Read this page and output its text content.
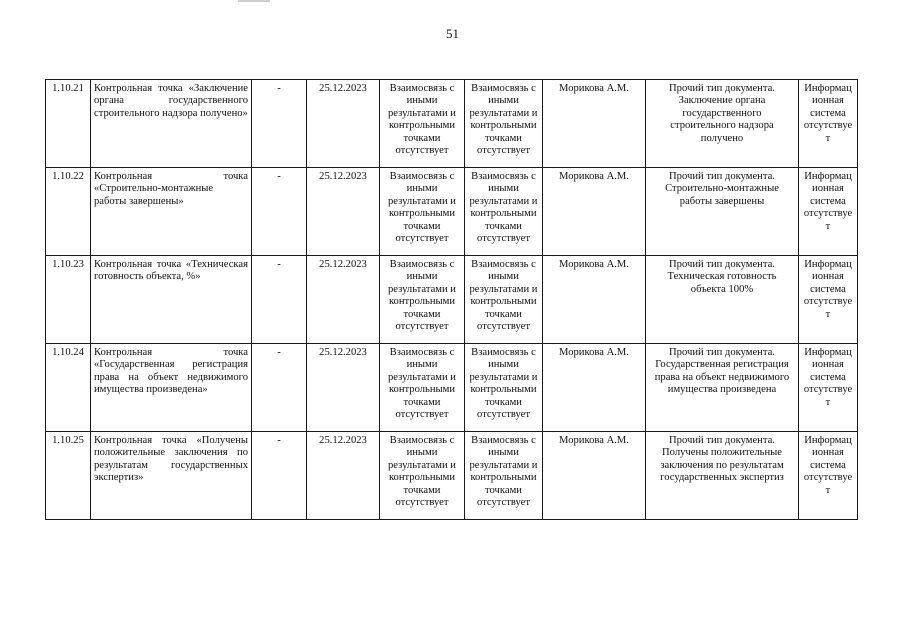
51
1.10.21	Контрольная точка «Заключение органа государственного строительного надзора получено»	-	25.12.2023	Взаимосвязь с иными результатами и контрольными точками отсутствует	Взаимосвязь с иными результатами и контрольными точками отсутствует	Морикова А.М.	Прочий тип документа. Заключение органа государственного строительного надзора получено	Информационная система отсутствует
1.10.22	Контрольная точка «Строительно-монтажные работы завершены»	-	25.12.2023	Взаимосвязь с иными результатами и контрольными точками отсутствует	Взаимосвязь с иными результатами и контрольными точками отсутствует	Морикова А.М.	Прочий тип документа. Строительно-монтажные работы завершены	Информационная система отсутствует
1.10.23	Контрольная точка «Техническая готовность объекта, %»	-	25.12.2023	Взаимосвязь с иными результатами и контрольными точками отсутствует	Взаимосвязь с иными результатами и контрольными точками отсутствует	Морикова А.М.	Прочий тип документа. Техническая готовность объекта 100%	Информационная система отсутствует
1.10.24	Контрольная точка «Государственная регистрация права на объект недвижимого имущества произведена»	-	25.12.2023	Взаимосвязь с иными результатами и контрольными точками отсутствует	Взаимосвязь с иными результатами и контрольными точками отсутствует	Морикова А.М.	Прочий тип документа. Государственная регистрация права на объект недвижимого имущества произведена	Информационная система отсутствует
1.10.25	Контрольная точка «Получены положительные заключения по результатам государственных экспертиз»	-	25.12.2023	Взаимосвязь с иными результатами и контрольными точками отсутствует	Взаимосвязь с иными результатами и контрольными точками отсутствует	Морикова А.М.	Прочий тип документа. Получены положительные заключения по результатам государственных экспертиз	Информационная система отсутствует
